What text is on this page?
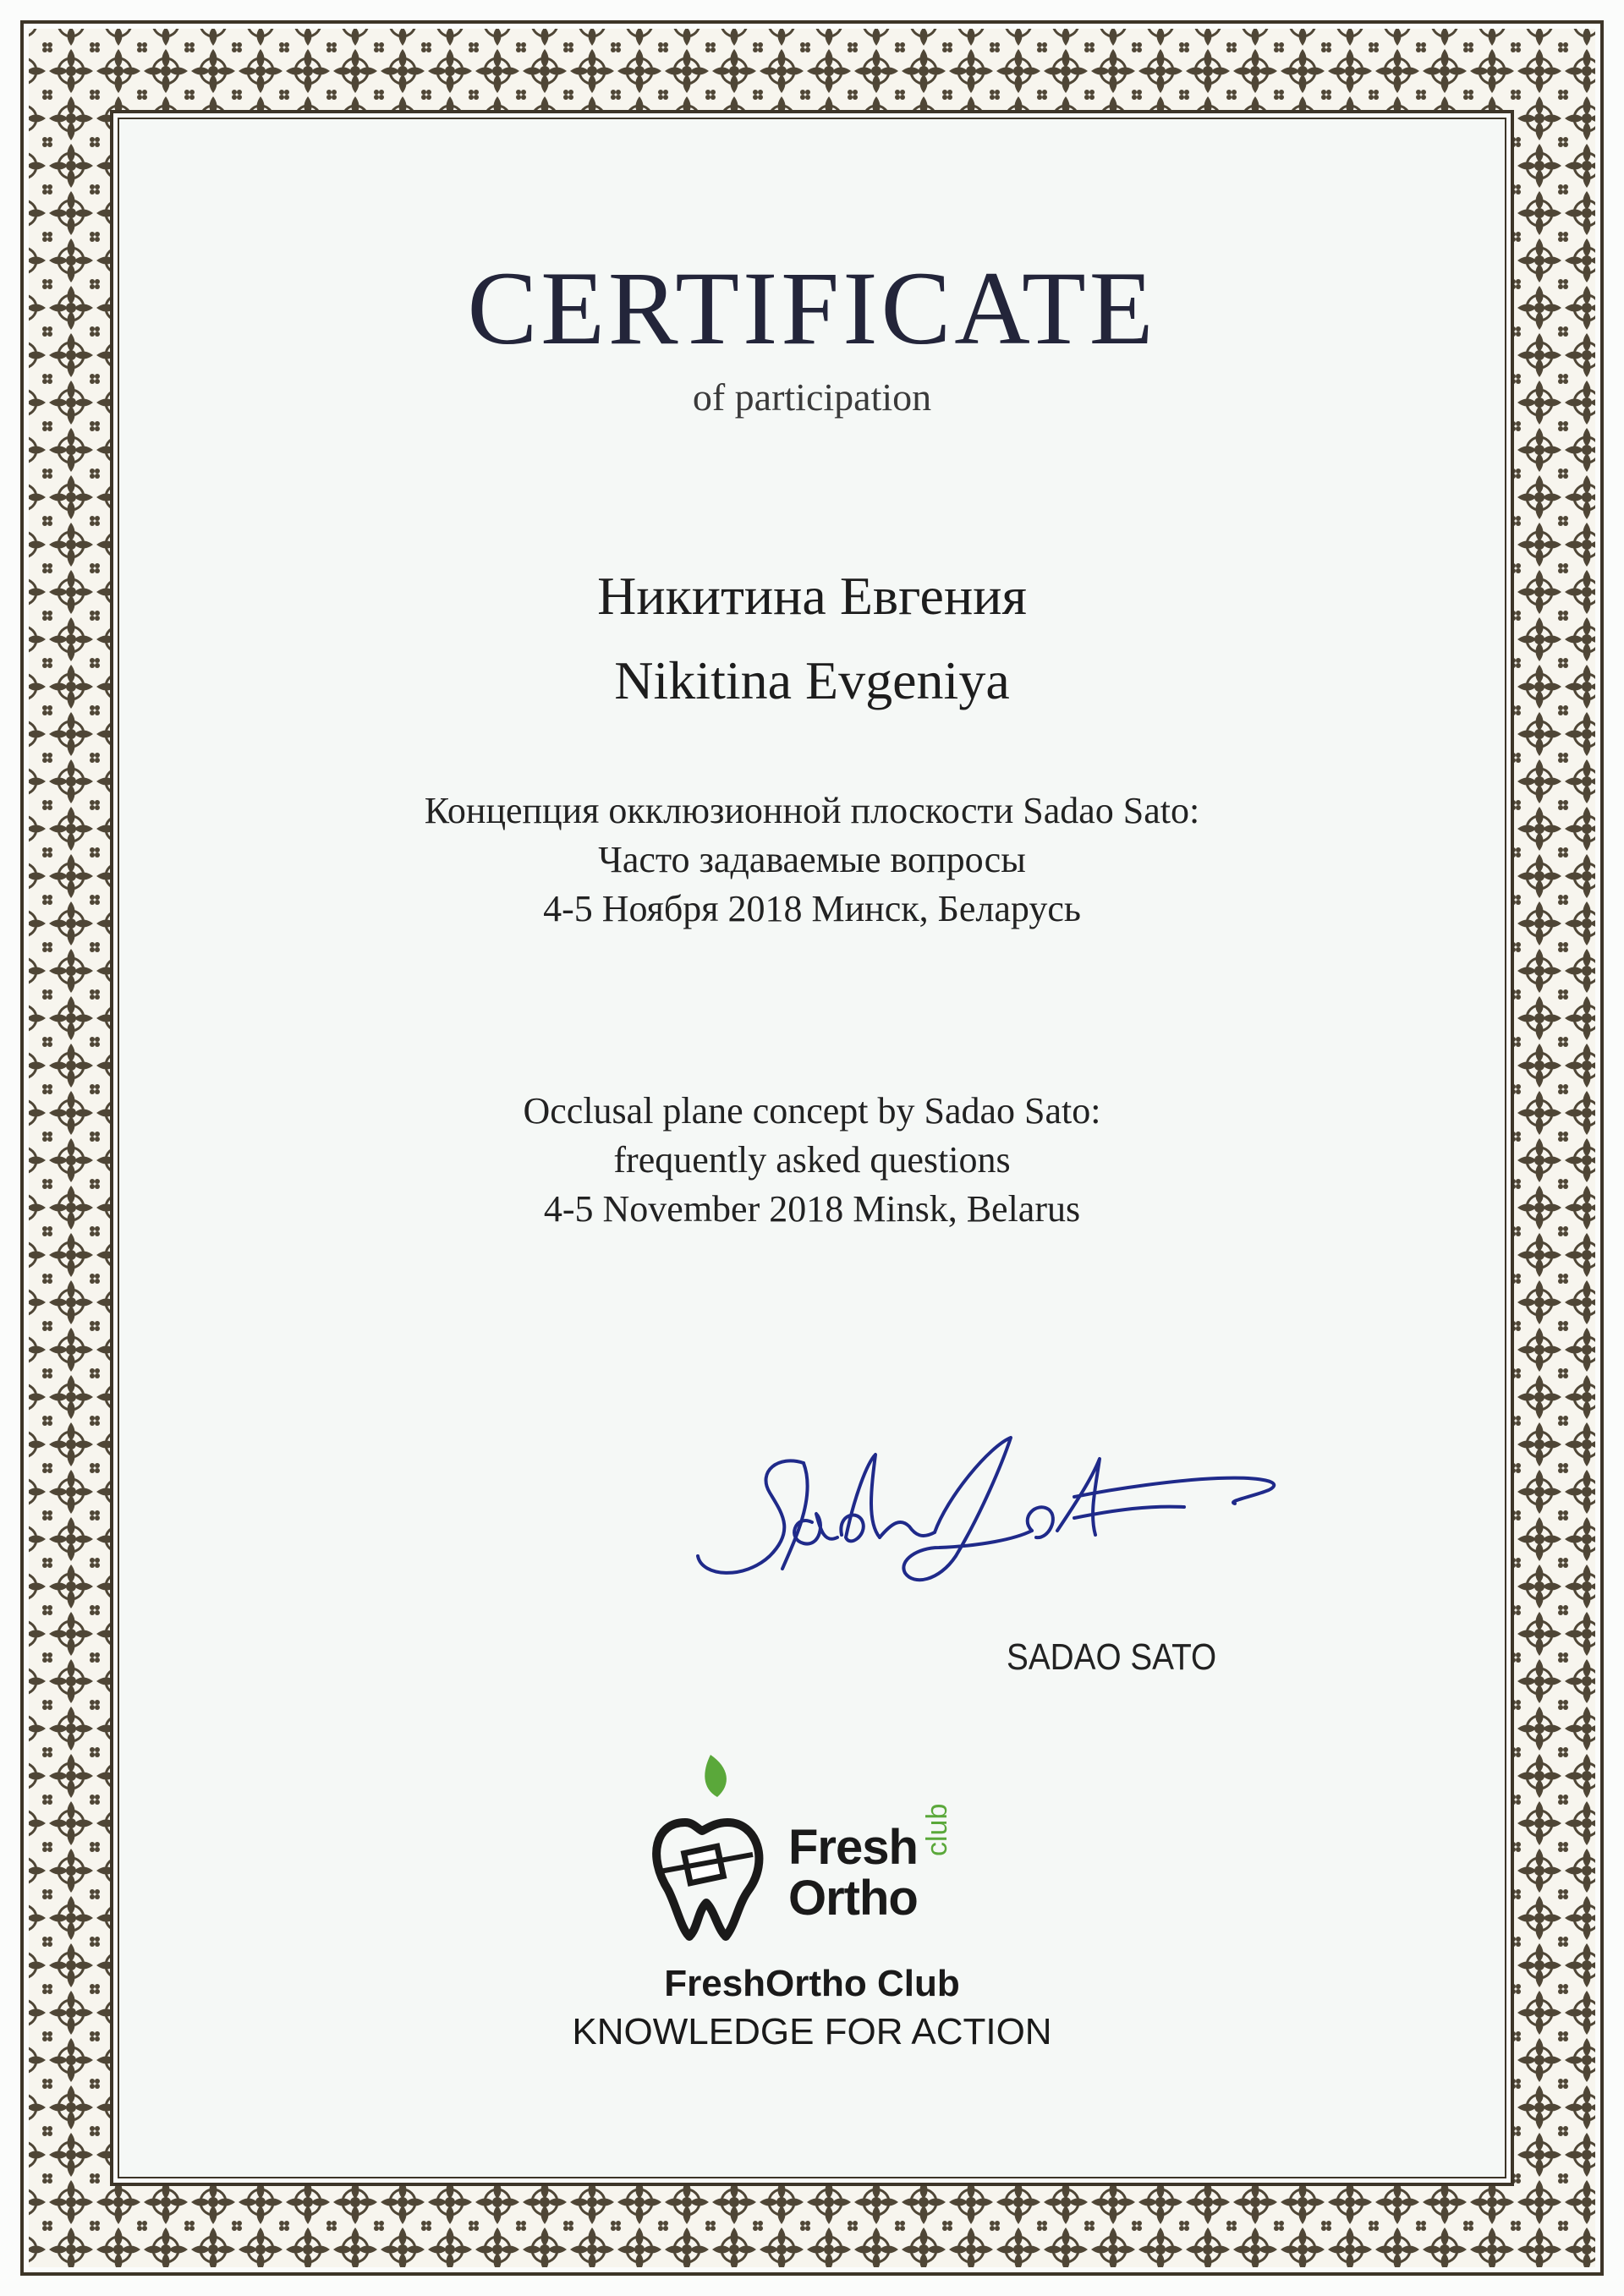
CERTIFICATE
of participation
Никитина Евгения
Nikitina Evgeniya
Концепция окклюзионной плоскости Sadao Sato:
Часто задаваемые вопросы
4-5 Ноября 2018 Минск, Беларусь
Occlusal plane concept by Sadao Sato:
frequently asked questions
4-5 November 2018 Minsk, Belarus
SADAO SATO
Fresh
Ortho
club
FreshOrtho Club
KNOWLEDGE FOR ACTION
